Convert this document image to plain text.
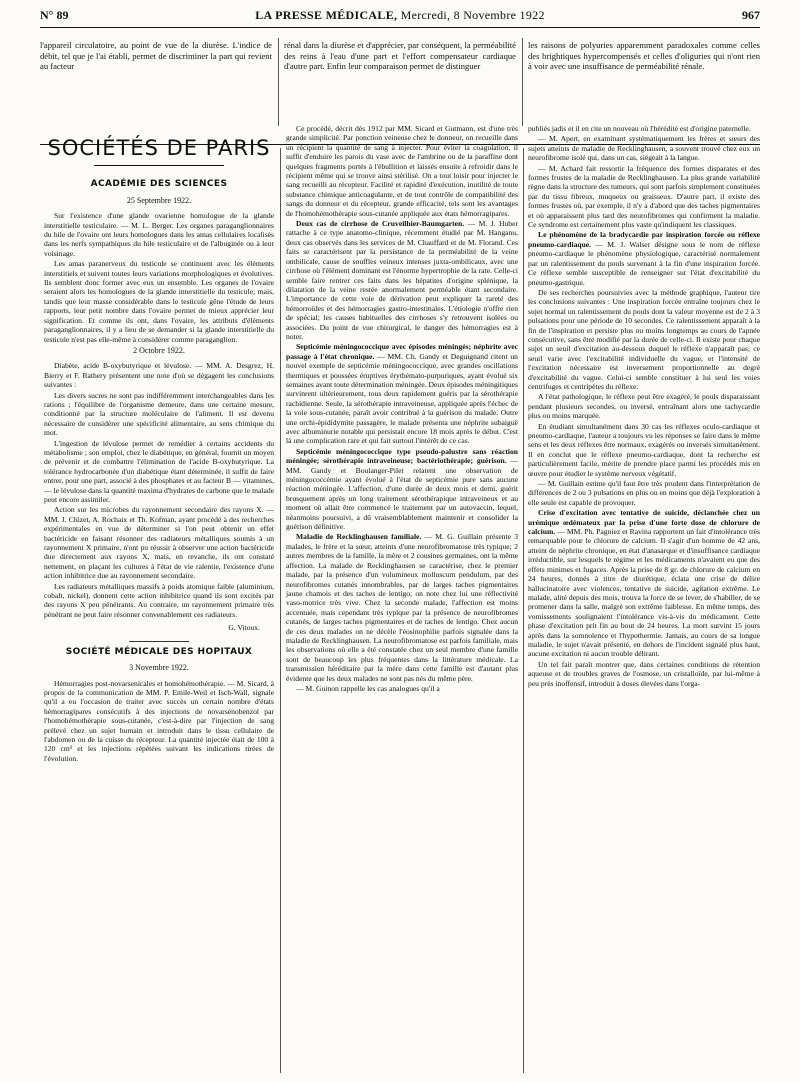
N° 89	LA PRESSE MÉDICALE, Mercredi, 8 Novembre 1922	967

l'appareil circulatoire, au point de vue de la diurèse. L'indice de débit, tel que je l'ai établi, permet de discriminer la part qui revient au facteur

rénal dans la diurèse et d'apprécier, par conséquent, la perméabilité des reins à l'eau d'une part et l'effort compensateur cardiaque d'autre part. Enfin leur comparaison permet de distinguer

les raisons de polyuries apparemment paradoxales comme celles des brightiques hypercompensés et celles d'oliguries qui n'ont rien à voir avec une insuffisance de perméabilité rénale.

SOCIÉTÉS DE PARIS
ACADÉMIE DES SCIENCES
25 Septembre 1922.

Sur l'existence d'une glande ovarienne homologue de la glande interstitielle testiculaire. — M. L. Berger. Les organes paraganglionnaires du hile de l'ovaire ont leurs homologues dans les amas cellulaires localisés dans les nerfs sympathiques du hile testiculaire et de l'albuginée ou à leur voisinage.

Les amas paranerveux du testicule se continuent avec les éléments interstitiels et suivent toutes leurs variations morphologiques et évolutives. Ils semblent donc former avec eux un ensemble. Les organes de l'ovaire seraient alors les homologues de la glande interstitielle du testicule; mais, tandis que leur masse considérable dans le testicule gêne l'étude de leurs rapports, leur petit nombre dans l'ovaire permet de mieux apprécier leur signification. Et comme ils ont, dans l'ovaire, les attributs d'éléments paraganglionnaires, il y a lieu de se demander si la glande interstitielle du testicule n'est pas elle-même à considérer comme paraganglion.

2 Octobre 1922.

Diabète, acide B-oxybutyrique et lévulose. — MM. A. Desgrez, H. Bierry et F. Rathery présentent une note d'où se dégagent les conclusions suivantes :

Les divers sucres ne sont pas indifféremment interchangeables dans les rations ; l'équilibre de l'organisme demeure, dans une certaine mesure, conditionné par la structure moléculaire de l'aliment. Il est devenu nécessaire de considérer une spécificité alimentaire, au sens chimique du mot.

L'ingestion de lévulose permet de remédier à certains accidents du métabolisme ; son emploi, chez le diabétique, en général, fournit un moyen de prévenir et de combattre l'élimination de l'acide B-oxybutyrique. La tolérance hydrocarbonée d'un diabétique étant déterminée, il suffit de faire entrer, pour une part, associé à des phosphates et au facteur B — vitamines, — le lévulose dans la quantité maxima d'hydrates de carbone que le malade peut encore assimiler.

Action sur les microbes du rayonnement secondaire des rayons X. — MM. J. Clüzet, A. Rochaix et Th. Kofman, ayant procédé à des recherches expérimentales en vue de déterminer si l'on peut obtenir un effet bactéricide en faisant résonner des radiateurs métalliques soumis à un rayonnement X primaire, n'ont pu réussir à observer une action bactéricide due directement aux rayons X, mais, en revanche, ils ont constaté nettement, en plaçant les cultures à l'état de vie ralentie, l'existence d'une action inhibitrice due au rayonnement secondaire.

Les radiateurs métalliques massifs à poids atomique faible (aluminium, cobalt, nickel), donnent cette action inhibitrice quand ils sont excités par des rayons X peu pénétrants. Au contraire, un rayonnement primaire très pénétrant ne peut faire résonner convenablement ces radiateurs.

G. Vitoux.
SOCIÉTÉ MÉDICALE DES HOPITAUX
3 Novembre 1922.

Hémorragies post-novarsenicales et homohémothérapie. — M. Sicard, à propos de la communication de MM. P. Emile-Weil et Isch-Wall, signale qu'il a eu l'occasion de traiter avec succès un certain nombre d'états hémorragipares consécutifs à des injections de novarsénobenzol par l'homohémothérapie sous-cutanée, c'est-à-dire par l'injection de sang prélevé chez un sujet humain et introduit dans le tissu cellulaire de l'abdomen ou de la cuisse du récepteur. La quantité injectée était de 100 à 120 cm³ et les injections répétées suivant les indications tirées de l'évolution.

Ce procédé, décrit dès 1912 par MM. Sicard et Gutmann, est d'une très grande simplicité. Par ponction veineuse chez le donneur, on recueille dans un récipient la quantité de sang à injecter. Pour éviter la coagulation, il suffit d'enduire les parois du vase avec de l'ambrine ou de la paraffine dont quelques fragments portés à l'ébullition et laissés ensuite à refroidir dans le récipient même qui se trouve ainsi stérilisé. On a tout loisir pour injecter le sang recueilli au récepteur. Facilité et rapidité d'exécution, inutilité de toute substance chimique anticoagulante, et de tout contrôle de compatibilité des sangs du donneur et du récepteur, grande efficacité, tels sont les avantages de l'homohémothérapie sous-cutanée appliquée aux états hémorragipares.

Deux cas de cirrhose de Cruveilhier-Baumgarten. — M. J. Huber rattache à ce type anatomo-clinique, récemment étudié par M. Hanganu, deux cas observés dans les services de M. Chauffard et de M. Florand. Ces faits se caractérisent par la persistance de la perméabilité de la veine ombilicale, cause de souffles veineux intenses juxta-ombilicaux, avec une cirrhose où l'élément dominant est l'énorme hypertrophie de la rate. Celle-ci semble faire rentrer ces faits dans les hépatites d'origine splénique, la dilatation de la veine restée anormalement perméable étant secondaire. L'importance de cette voie de dérivation peut expliquer la rareté des hémorroïdes et des hémorragies gastro-intestinales. L'étiologie n'offre rien de spécial; les causes habituelles des cirrhoses s'y retrouvent isolées ou associées. Du point de vue chirurgical, le danger des hémorragies est à noter.

Septicémie méningococcique avec épisodes méningés; néphrite avec passage à l'état chronique. — MM. Ch. Gandy et Deguignand citent un nouvel exemple de septicémie méningococcique, avec grandes oscillations thermiques et poussées éruptives érythémato-purpuriques, ayant évolué six semaines avant toute détermination méningée. Deux épisodes méningitiques survinrent ultérieurement, tous deux rapidement guéris par la sérothérapie rachidienne. Seule, la sérothérapie intraveineuse, appliquée après l'échec de la voie sous-cutanée, paraît avoir contribué à la guérison du malade. Outre une orchi-épididymite passagère, le malade présenta une néphrite subaiguë avec albuminurie notable qui persistait encore 18 mois après le début. C'est là une complication rare et qui fait surtout l'intérêt de ce cas.

Septicémie méningococcique type pseudo-palustre sans réaction méningée; sérothérapie intraveineuse; bactériothérapie; guérison. — MM. Gandy et Boulanger-Pilet relatent une observation de méningococcémie ayant évolué à l'état de septicémie pure sans aucune réaction méningée. L'affection, d'une durée de deux mois et demi, guérit brusquement après un long traitement sérothérapique intraveineux et au moment où allait être commencé le traitement par un autovaccin, lequel, néanmoins poursuivi, a dû vraisemblablement maintenir et consolider la guérison définitive.

Maladie de Recklinghausen familiale. — M. G. Guillain présente 3 malades, le frère et la sœur, atteints d'une neurofibromatose très typique; 2 autres membres de la famille, la mère et 2 cousines germaines, ont la même affection. La malade de Recklinghausen se caractérise, chez le premier malade, par la présence d'un volumineux molluscum pendulum, par des neurofibromes cutanés innombrables, par de larges taches pigmentaires jaune chamois et des taches de lentigo; on note chez lui une réflectivité vaso-motrice très vive. Chez la seconde malade, l'affection est moins accentuée, mais cependant très typique par la présence de neurofibromes cutanés, de larges taches pigmentaires et de taches de lentigo. Chez aucun de ces deux malades on ne décèle l'éosinophilie parfois signalée dans la maladie de Recklinghausen. La neurofibromatose est parfois familiale, mais les observations où elle a été constatée chez un seul membre d'une famille sont de beaucoup les plus fréquentes dans la littérature médicale. La transmission héréditaire par la mère dans cette famille est d'autant plus évidente que les deux malades ne sont pas nés du même père.

— M. Guinon rappelle les cas analogues qu'il a

publiés jadis et il en cite un nouveau où l'hérédité est d'origine paternelle.

— M. Apert, en examinant systématiquement les frères et sœurs des sujets atteints de maladie de Recklinghausen, a souvent trouvé chez eux un neurofibrome isolé qui, dans un cas, siégeait à la langue.

— M. Achard fait ressortir la fréquence des formes disparates et des formes frustes de la maladie de Recklinghausen. La plus grande variabilité règne dans la structure des tumeurs, qui sont parfois simplement constituées par du tissu fibreux, muqueux ou graisseux. D'autre part, il existe des formes frustes où, par exemple, il n'y a d'abord que des taches pigmentaires et où apparaissent plus tard des neurofibromes qui confirment la maladie. Ce syndrome est certainement plus vaste qu'indiquent les classiques.

Le phénomène de la bradycardie par inspiration forcée ou réflexe pneumo-cardiaque. — M. J. Walser désigne sous le nom de réflexe pneumo-cardiaque le phénomène physiologique, caractérisé normalement par un ralentissement du pouls survenant à la fin d'une inspiration forcée. Ce réflexe semble susceptible de renseigner sur l'état d'excitabilité du pneumo-gastrique.

De ses recherches poursuivies avec la méthode graphique, l'auteur tire les conclusions suivantes : Une inspiration forcée entraîne toujours chez le sujet normal un ralentissement du pouls dont la valeur moyenne est de 2 à 3 pulsations pour une période de 10 secondes. Ce ralentissement apparaît à la fin de l'inspiration et persiste plus ou moins longtemps au cours de l'apnée consécutive, sans être modifié par la durée de celle-ci. Il existe pour chaque sujet un seuil d'excitation au-dessous duquel le réflexe n'apparaît pas; ce seuil varie avec l'excitabilité individuelle du vague, et l'intensité de l'excitation nécessaire est inversement proportionnelle au degré d'excitabilité du vague. Celui-ci semble constituer à lui seul les voies centrifuges et centripètes du réflexe.

A l'état pathologique, le réflexe peut être exagéré, le pouls disparaissant pendant plusieurs secondes, ou inversé, entraînant alors une tachycardie plus ou moins marquée.

En étudiant simultanément dans 30 cas les réflexes oculo-cardiaque et pneumo-cardiaque, l'auteur a toujours vu les réponses se faire dans le même sens et les deux réflexes être normaux, exagérés ou inversés simultanément. Il en conclut que le réflexe pneumo-cardiaque, dont la recherche est particulièrement facile, mérite de prendre place parmi les procédés mis en œuvre pour étudier le système nerveux végétatif.

— M. Guillain estime qu'il faut être très prudent dans l'interprétation de différences de 2 ou 3 pulsations en plus ou en moins que déjà l'exploration à elle seule est capable de provoquer.

Crise d'excitation avec tentative de suicide, déclanchée chez un urémique œdémateux par la prise d'une forte dose de chlorure de calcium. — MM. Ph. Pagniez et Ravina rapportent un fait d'intolérance très remarquable pour le chlorure de calcium. Il s'agit d'un homme de 42 ans, atteint de néphrite chronique, en état d'anasarque et d'insuffisance cardiaque irréductible, sur lesquels le régime et les médicaments n'avaient eu que des effets minimes et fugaces. Après la prise de 8 gr. de chlorure de calcium en 24 heures, donnés à titre de diurétique, éclata une crise de délire hallucinatoire avec violences, tentative de suicide, agitation extrême. Le malade, alité depuis des mois, trouva la force de se lever, de s'habiller, de se promener dans la salle, malgré son extrême faiblesse. En même temps, des vomissements soulignaient l'intolérance vis-à-vis du médicament. Cette phase d'excitation prit fin au bout de 24 heures. La mort survint 15 jours après dans la somnolence et l'hypothermie. Jamais, au cours de sa longue maladie, le sujet n'avait présenté, en dehors de l'incident signalé plus haut, aucune excitation ni aucun trouble délirant.

Un tel fait paraît montrer que, dans certaines conditions de rétention aqueuse et de troubles graves de l'osmose, un cristalloïde, par lui-même à peu près inoffensif, introduit à doses élevées dans l'orga-
